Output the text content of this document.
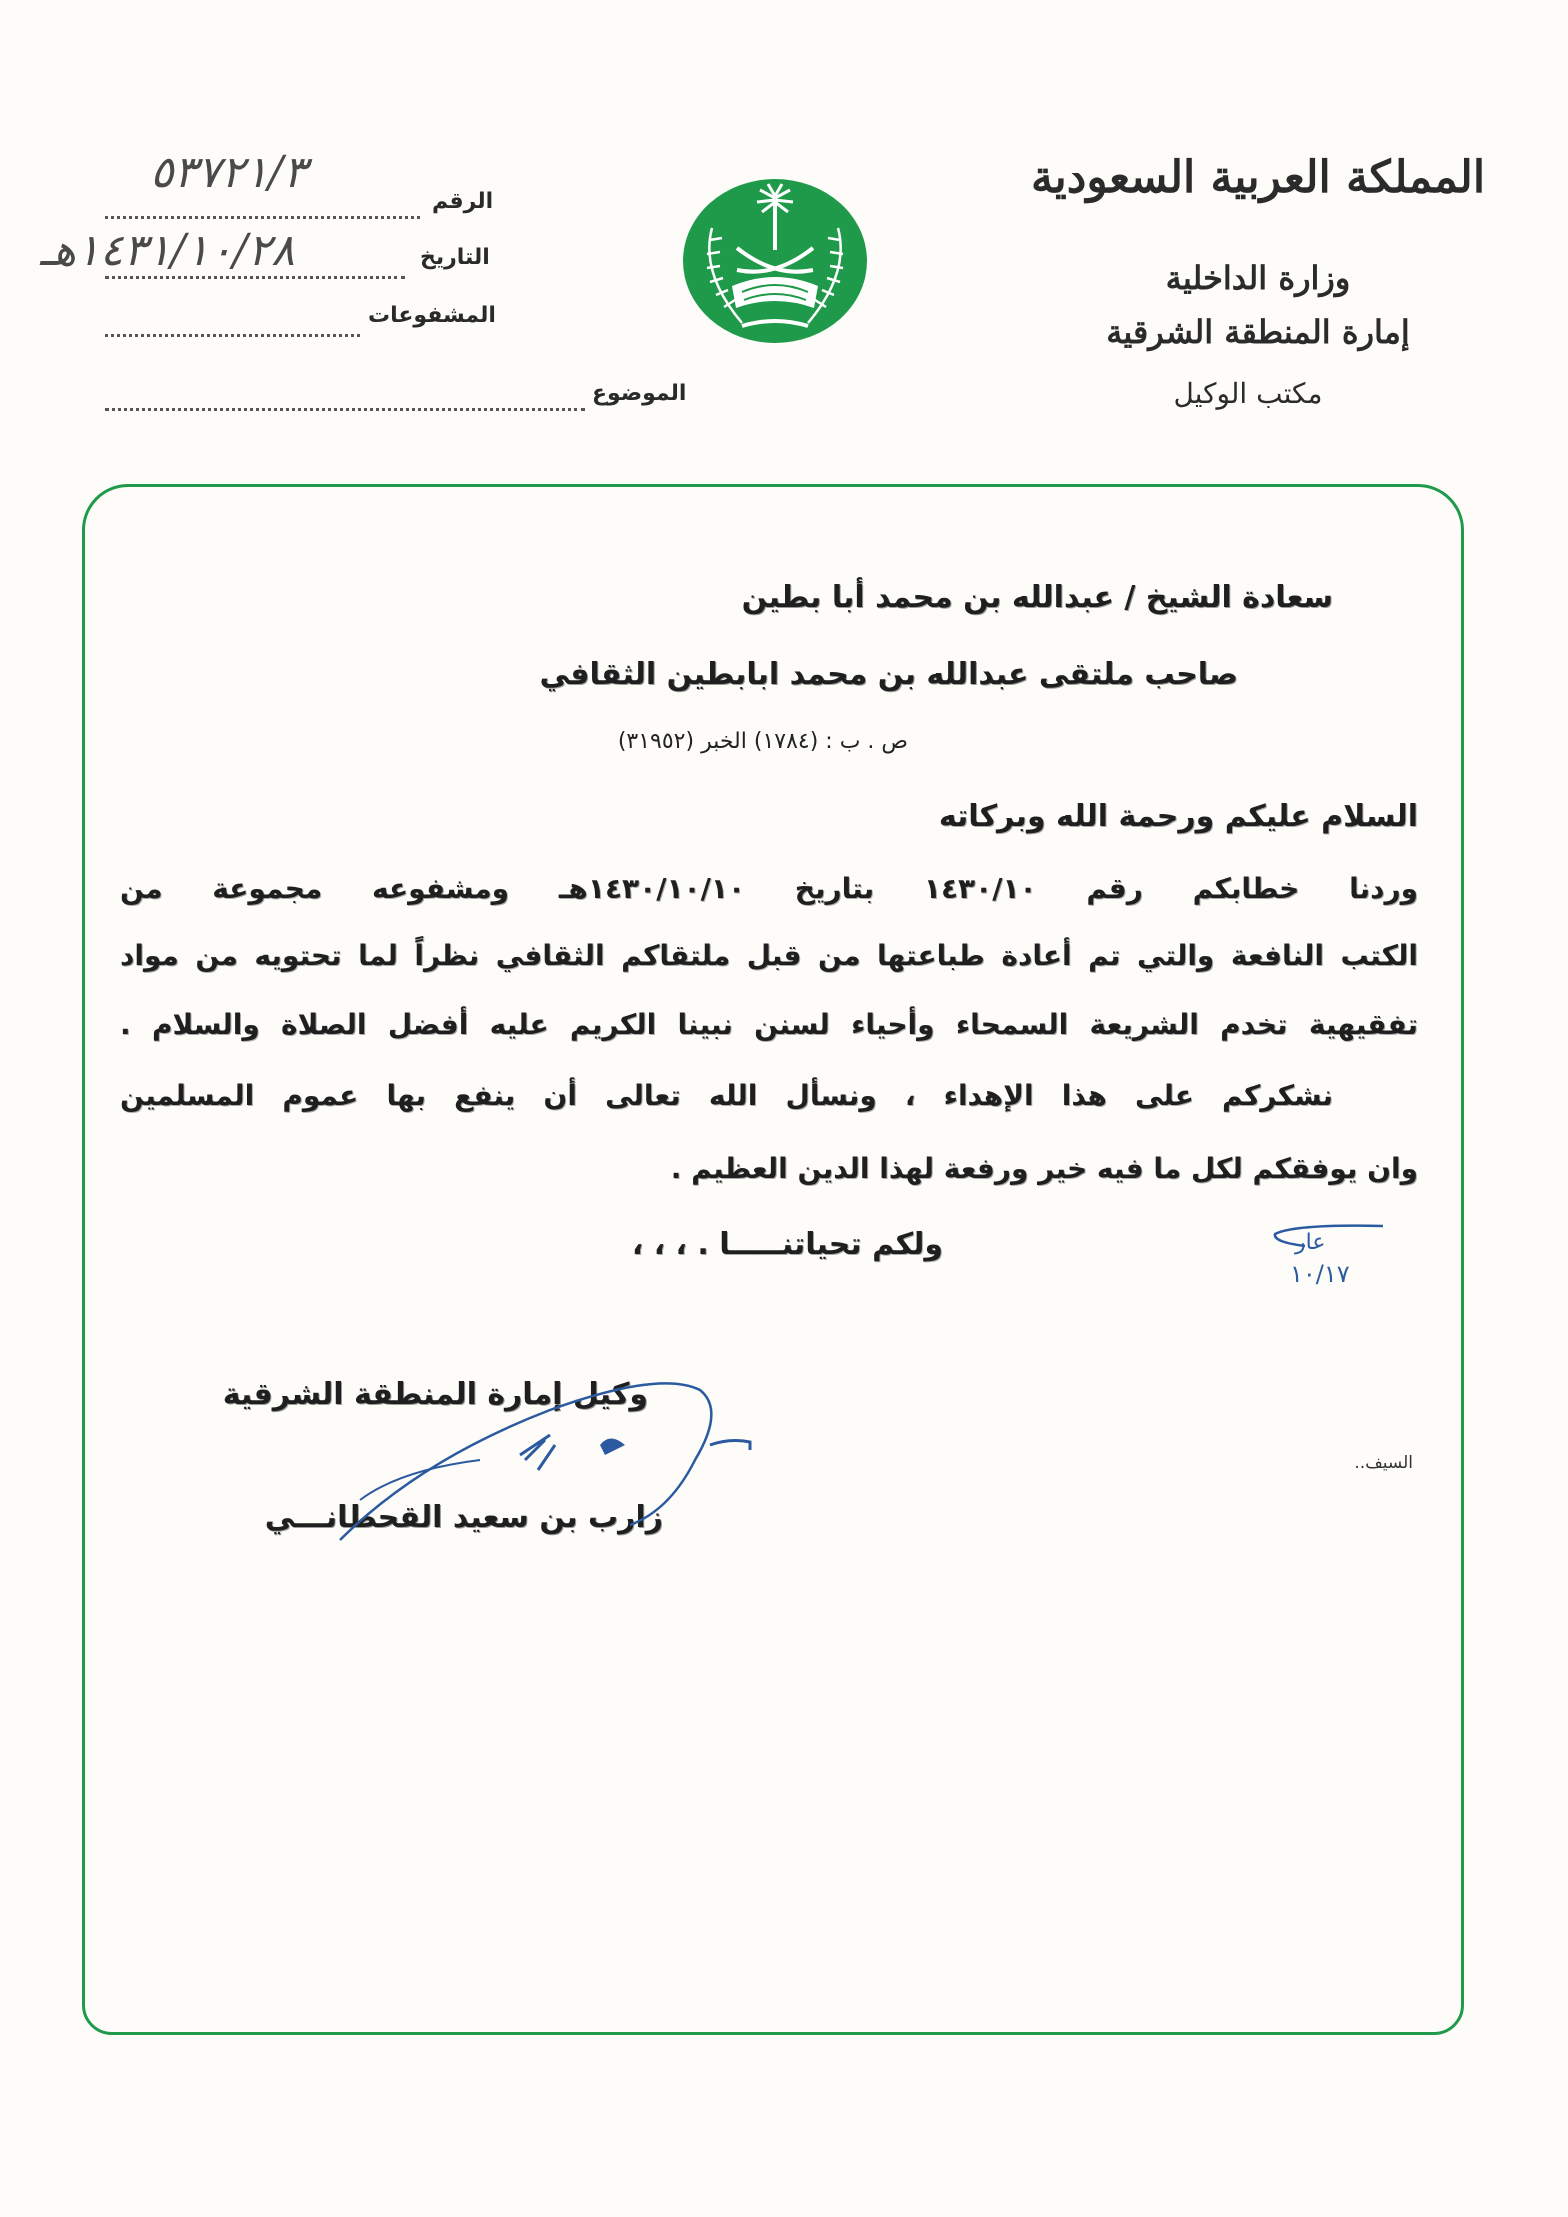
المملكة العربية السعودية
وزارة الداخلية
إمارة المنطقة الشرقية
مكتب الوكيل
الرقم
٥٣٧٢١/٣
التاريخ
١٤٣١/١٠/٢٨هـ
المشفوعات
الموضوع
سعادة الشيخ / عبدالله بن محمد أبا بطين
صاحب ملتقى عبدالله بن محمد ابابطين الثقافي
ص . ب : (١٧٨٤) الخبر (٣١٩٥٢)
السلام عليكم ورحمة الله وبركاته
وردنا خطابكم رقم ١٤٣٠/١٠ بتاريخ ١٤٣٠/١٠/١٠هـ ومشفوعه مجموعة من
الكتب النافعة والتي تم أعادة طباعتها من قبل ملتقاكم الثقافي نظراً لما تحتويه من مواد
تفقيهية تخدم الشريعة السمحاء وأحياء لسنن نبينا الكريم عليه أفضل الصلاة والسلام .
نشكركم على هذا الإهداء ، ونسأل الله تعالى أن ينفع بها عموم المسلمين
وان يوفقكم لكل ما فيه خير ورفعة لهذا الدين العظيم .
ولكم تحياتنـــــا . ، ، ،	عار
١٠/١٧
وكيل إمارة المنطقة الشرقية
زارب بن سعيد القحطانـــي
السيف..
